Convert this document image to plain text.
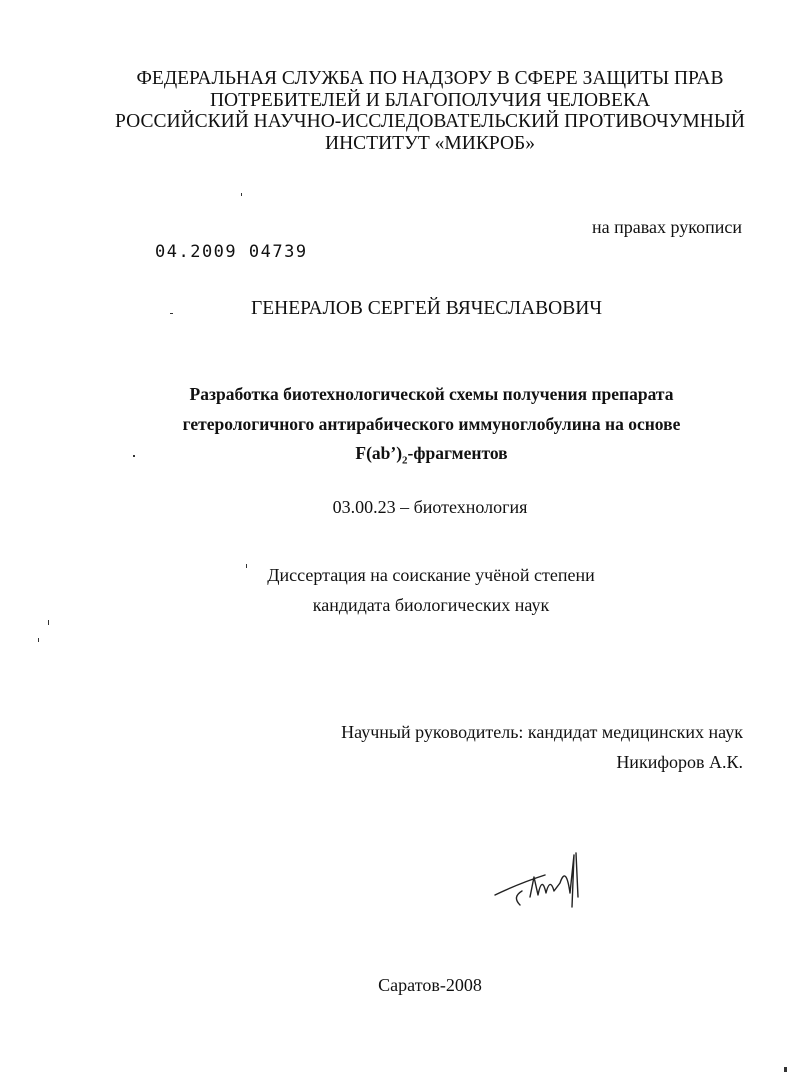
ФЕДЕРАЛЬНАЯ СЛУЖБА ПО НАДЗОРУ В СФЕРЕ ЗАЩИТЫ ПРАВ
ПОТРЕБИТЕЛЕЙ И БЛАГОПОЛУЧИЯ ЧЕЛОВЕКА
РОССИЙСКИЙ НАУЧНО-ИССЛЕДОВАТЕЛЬСКИЙ ПРОТИВОЧУМНЫЙ
ИНСТИТУТ «МИКРОБ»
на правах рукописи
04.2009 04739
ГЕНЕРАЛОВ СЕРГЕЙ ВЯЧЕСЛАВОВИЧ
Разработка биотехнологической схемы получения препарата
гетерологичного антирабического иммуноглобулина на основе
$F(ab’)_2$-фрагментов
03.00.23 – биотехнология
Диссертация на соискание учёной степени
кандидата биологических наук
Научный руководитель: кандидат медицинских наук
Никифоров А.К.
Саратов-2008
